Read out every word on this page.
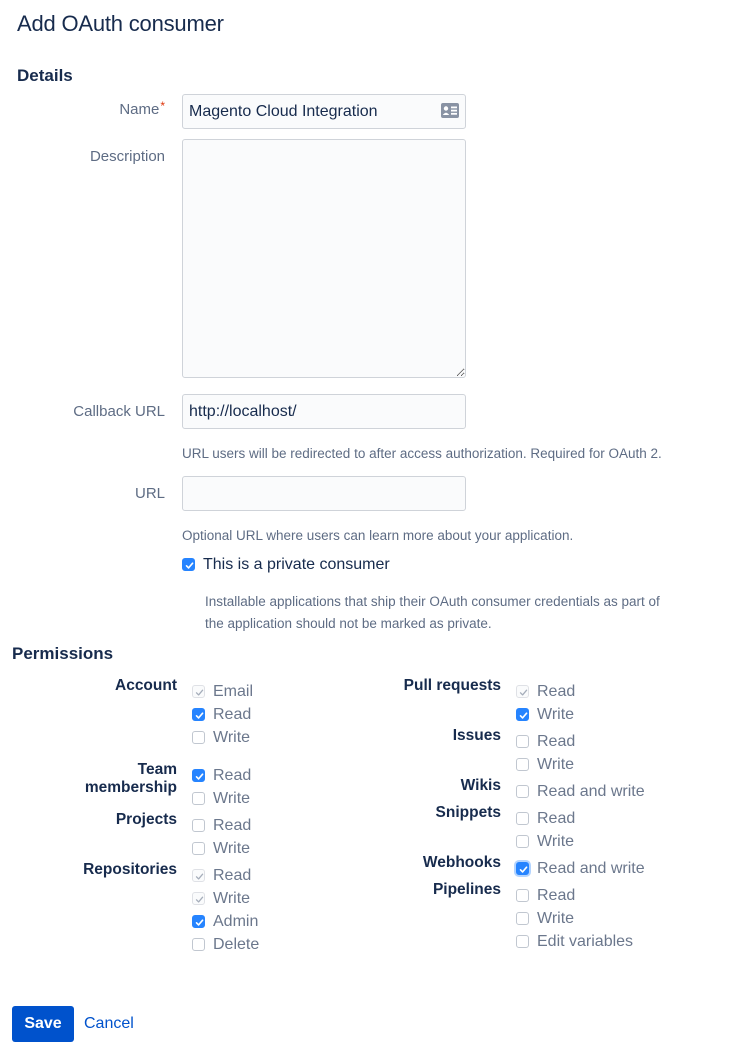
Add OAuth consumer
Details
Name*
Magento Cloud Integration
Description
Callback URL
http://localhost/
URL users will be redirected to after access authorization. Required for OAuth 2.
URL
Optional URL where users can learn more about your application.
This is a private consumer
Installable applications that ship their OAuth consumer credentials as part of
the application should not be marked as private.
Permissions
Account
Team
membership
Projects
Repositories
Pull requests
Issues
Wikis
Snippets
Webhooks
Pipelines
Email
Read
Write
Read
Write
Read
Write
Read
Write
Admin
Delete
Read
Write
Read
Write
Read and write
Read
Write
Read and write
Read
Write
Edit variables
Save	Cancel
